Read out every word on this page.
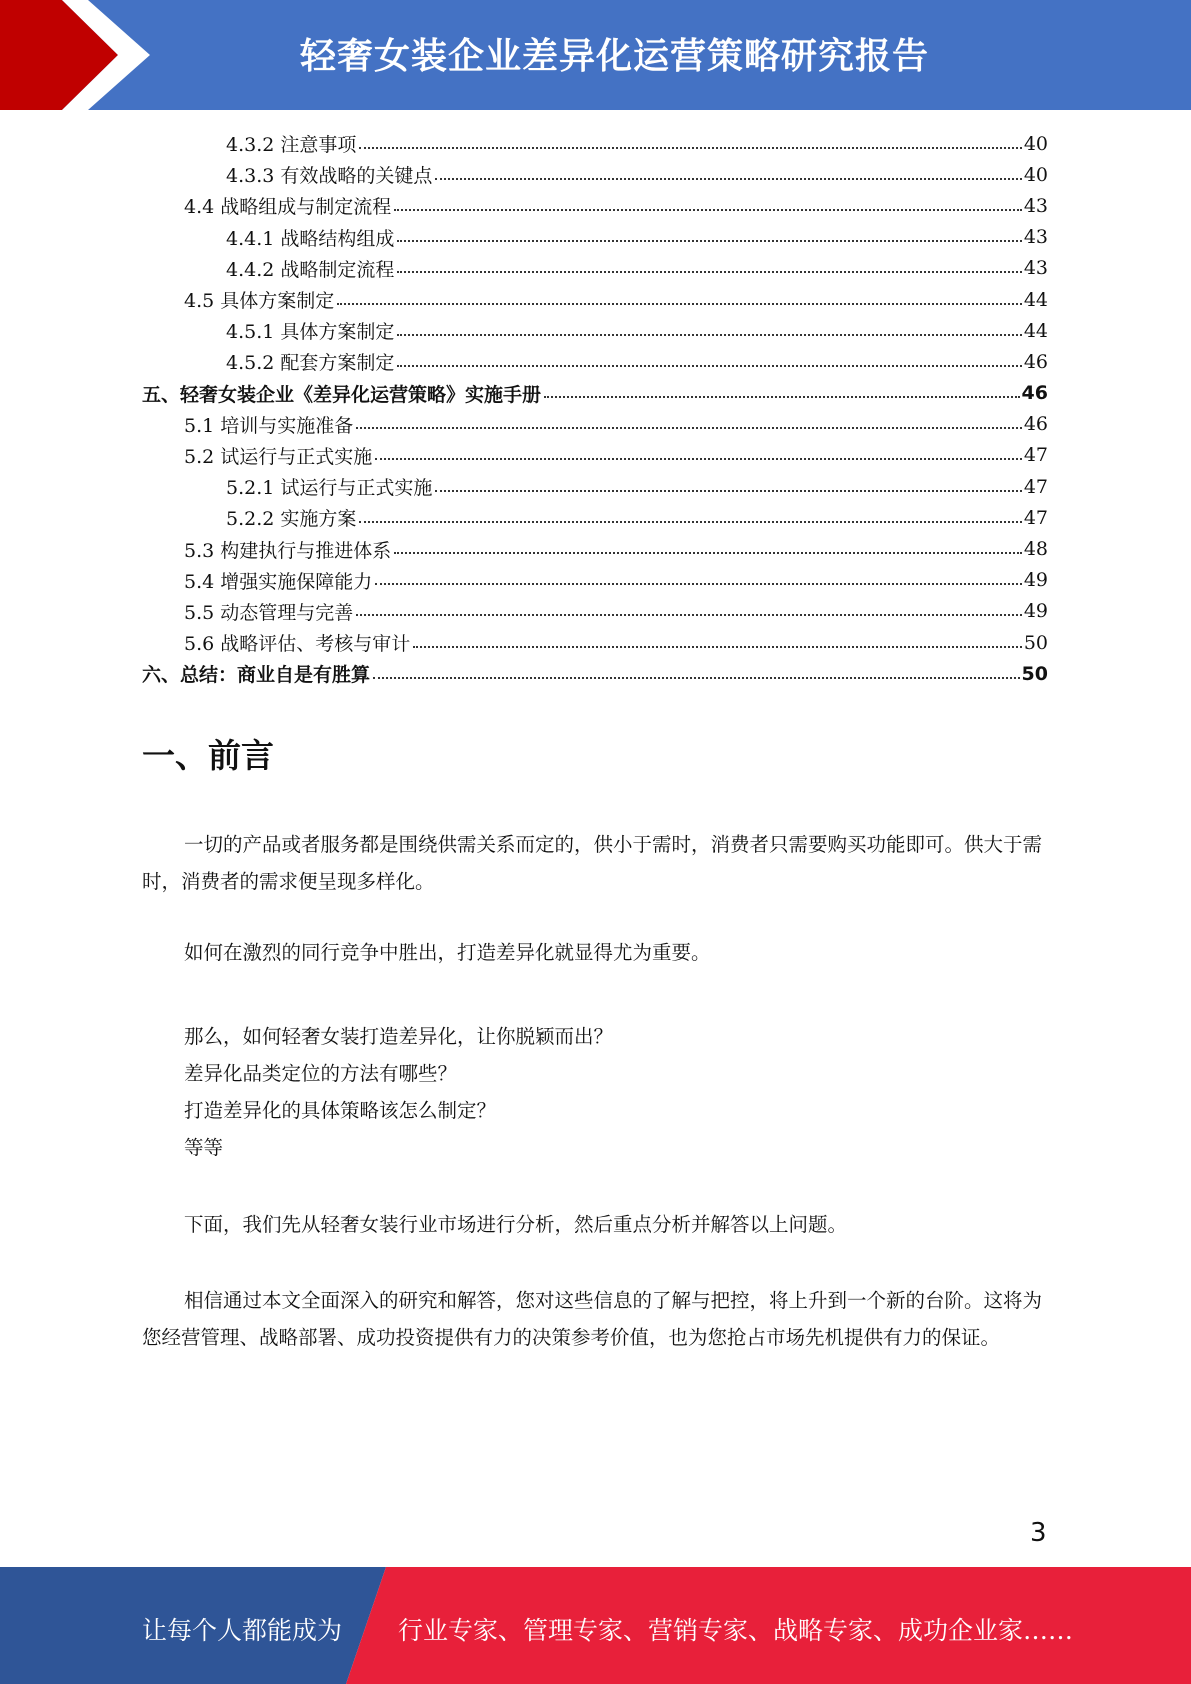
轻奢女装企业差异化运营策略研究报告
4.3.2 注意事项	40
4.3.3 有效战略的关键点	40
4.4 战略组成与制定流程	43
4.4.1 战略结构组成	43
4.4.2 战略制定流程	43
4.5 具体方案制定	44
4.5.1 具体方案制定	44
4.5.2 配套方案制定	46
五、轻奢女装企业《差异化运营策略》实施手册	46
5.1 培训与实施准备	46
5.2 试运行与正式实施	47
5.2.1 试运行与正式实施	47
5.2.2 实施方案	47
5.3 构建执行与推进体系	48
5.4 增强实施保障能力	49
5.5 动态管理与完善	49
5.6 战略评估、考核与审计	50
六、总结：商业自是有胜算	50
一、前言
一切的产品或者服务都是围绕供需关系而定的，供小于需时，消费者只需要购买功能即可。供大于需时，消费者的需求便呈现多样化。
如何在激烈的同行竞争中胜出，打造差异化就显得尤为重要。
那么，如何轻奢女装打造差异化，让你脱颖而出？
差异化品类定位的方法有哪些？
打造差异化的具体策略该怎么制定？
等等
下面，我们先从轻奢女装行业市场进行分析，然后重点分析并解答以上问题。
相信通过本文全面深入的研究和解答，您对这些信息的了解与把控，将上升到一个新的台阶。这将为您经营管理、战略部署、成功投资提供有力的决策参考价值，也为您抢占市场先机提供有力的保证。
3
让每个人都能成为 行业专家、管理专家、营销专家、战略专家、成功企业家……
